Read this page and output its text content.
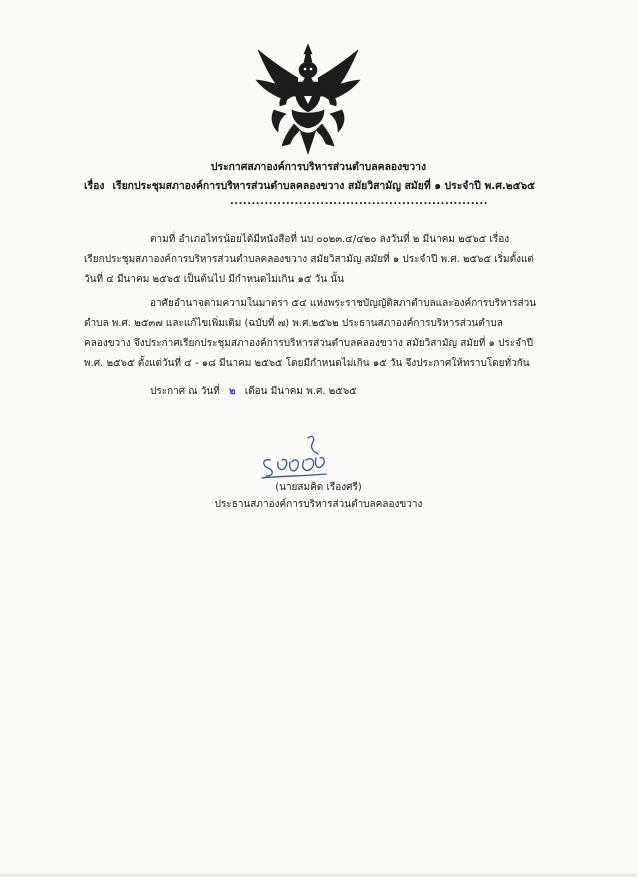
ประกาศสภาองค์การบริหารส่วนตำบลคลองขวาง
เรื่อง เรียกประชุมสภาองค์การบริหารส่วนตำบลคลองขวาง สมัยวิสามัญ สมัยที่ ๑ ประจำปี พ.ศ.๒๕๖๕
............................................................
ตามที่ อำเภอไทรน้อยได้มีหนังสือที่ นบ ๐๐๒๓.๔/๔๒๐ ลงวันที่ ๒ มีนาคม ๒๕๖๕ เรื่อง
เรียกประชุมสภาองค์การบริหารส่วนตำบลคลองขวาง สมัยวิสามัญ สมัยที่ ๑ ประจำปี พ.ศ. ๒๕๖๕ เริ่มตั้งแต่
วันที่ ๔ มีนาคม ๒๕๖๕ เป็นต้นไป มีกำหนดไม่เกิน ๑๕ วัน นั้น
อาศัยอำนาจตามความในมาตรา ๕๔ แห่งพระราชบัญญัติสภาตำบลและองค์การบริหารส่วน
ตำบล พ.ศ. ๒๕๓๗ และแก้ไขเพิ่มเติม (ฉบับที่ ๗) พ.ศ.๒๕๖๒ ประธานสภาองค์การบริหารส่วนตำบล
คลองขวาง จึงประกาศเรียกประชุมสภาองค์การบริหารส่วนตำบลคลองขวาง สมัยวิสามัญ สมัยที่ ๑ ประจำปี
พ.ศ. ๒๕๖๕ ตั้งแต่วันที่ ๔ - ๑๘ มีนาคม ๒๕๖๕ โดยมีกำหนดไม่เกิน ๑๕ วัน จึงประกาศให้ทราบโดยทั่วกัน
ประกาศ ณ วันที่ ๒ เดือน มีนาคม พ.ศ. ๒๕๖๕
(นายสมคิด เรืองศรี)
ประธานสภาองค์การบริหารส่วนตำบลคลองขวาง
